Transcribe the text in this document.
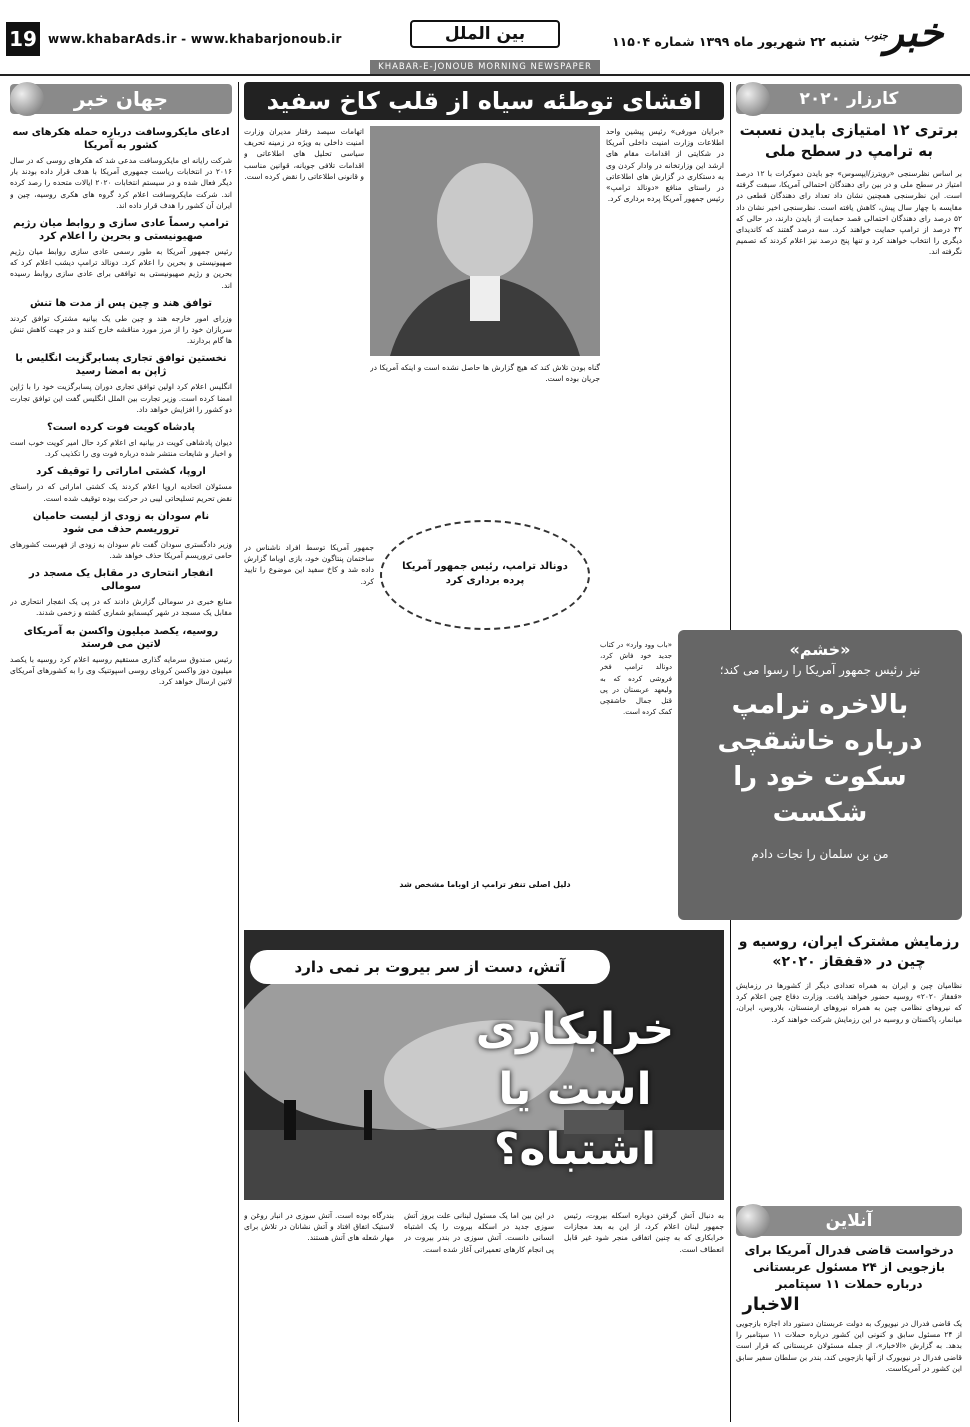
19 www.khabarAds.ir - www.khabarjonoub.ir	بین الملل	شنبه ۲۲ شهریور ماه ۱۳۹۹ شماره ۱۱۵۰۴ جنوب
خبر
KHABAR-E-JONOUB MORNING NEWSPAPER
جهان خبر
ادعای مایکروسافت درباره حمله هکرهای سه کشور به آمریکا

شرکت رایانه ای مایکروسافت مدعی شد که هکرهای روسی که در سال ۲۰۱۶ در انتخابات ریاست جمهوری آمریکا با هدف قرار داده بودند بار دیگر فعال شده و در سیستم انتخابات ۲۰۲۰ ایالات متحده را رصد کرده اند. شرکت مایکروسافت اعلام کرد گروه های هکری روسیه، چین و ایران آن کشور را هدف قرار داده اند.

ترامپ رسماً عادی سازی و روابط میان رژیم صهیونیستی و بحرین را اعلام کرد

رئیس جمهور آمریکا به طور رسمی عادی سازی روابط میان رژیم صهیونیستی و بحرین را اعلام کرد. دونالد ترامپ دیشب اعلام کرد که بحرین و رژیم صهیونیستی به توافقی برای عادی سازی روابط رسیده اند.

توافق هند و چین پس از مدت ها تنش

وزرای امور خارجه هند و چین طی یک بیانیه مشترک توافق کردند سربازان خود را از مرز مورد مناقشه خارج کنند و در جهت کاهش تنش ها گام بردارند.

نخستین توافق تجاری پسابرگزیت انگلیس با ژاپن به امضا رسید

انگلیس اعلام کرد اولین توافق تجاری دوران پسابرگزیت خود را با ژاپن امضا کرده است. وزیر تجارت بین الملل انگلیس گفت این توافق تجارت دو کشور را افزایش خواهد داد.

پادشاه کویت فوت کرده است؟

دیوان پادشاهی کویت در بیانیه ای اعلام کرد حال امیر کویت خوب است و اخبار و شایعات منتشر شده درباره فوت وی را تکذیب کرد.

اروپا، کشتی اماراتی را توقیف کرد

مسئولان اتحادیه اروپا اعلام کردند یک کشتی اماراتی که در راستای نقض تحریم تسلیحاتی لیبی در حرکت بوده توقیف شده است.

نام سودان به زودی از لیست حامیان تروریسم حذف می شود

وزیر دادگستری سودان گفت نام سودان به زودی از فهرست کشورهای حامی تروریسم آمریکا حذف خواهد شد.

انفجار انتحاری در مقابل یک مسجد در سومالی

منابع خبری در سومالی گزارش دادند که در پی یک انفجار انتحاری در مقابل یک مسجد در شهر کیسمایو شماری کشته و زخمی شدند.

روسیه، یکصد میلیون واکسن به آمریکای لاتین می فرستد

رئیس صندوق سرمایه گذاری مستقیم روسیه اعلام کرد روسیه با یکصد میلیون دوز واکسن کرونای روسی اسپوتنیک وی را به کشورهای آمریکای لاتین ارسال خواهد کرد.

افشای توطئه سیاه از قلب کاخ سفید

اتهامات سیصد رفتار مدیران وزارت امنیت داخلی به ویژه در زمینه تحریف سیاسی تحلیل های اطلاعاتی و اقدامات تلافی جویانه، قوانین مناسب و قانونی اطلاعاتی را نقض کرده است.

«برایان مورفی» رئیس پیشین واحد اطلاعات وزارت امنیت داخلی آمریکا در شکایتی از اقدامات مقام های ارشد این وزارتخانه در وادار کردن وی به دستکاری در گزارش های اطلاعاتی در راستای منافع «دونالد ترامپ» رئیس جمهور آمریکا پرده برداری کرد.

گناه بودن تلاش کند که هیچ گزارش ها حاصل نشده است و اینکه آمریکا در جریان بوده است.

دونالد ترامپ، رئیس جمهور آمریکا پرده برداری کرد

جمهور آمریکا توسط افراد ناشناس در ساختمان پنتاگون خود، بازی اوباما گزارش داده شد و کاخ سفید این موضوع را تایید کرد.

دلیل اصلی تنفر ترامپ از اوباما مشخص شد
کارزار ۲۰۲۰
برتری ۱۲ امتیازی بایدن نسبت به ترامپ در سطح ملی

بر اساس نظرسنجی «رویترز/ایپسوس» جو بایدن دموکرات با ۱۲ درصد امتیاز در سطح ملی و در بین رای دهندگان احتمالی آمریکا، سبقت گرفته است. این نظرسنجی همچنین نشان داد تعداد رای دهندگان قطعی در مقایسه با چهار سال پیش، کاهش یافته است. نظرسنجی اخیر نشان داد ۵۲ درصد رای دهندگان احتمالی قصد حمایت از بایدن دارند، در حالی که ۴۲ درصد از ترامپ حمایت خواهند کرد. سه درصد گفتند که کاندیدای دیگری را انتخاب خواهند کرد و تنها پنج درصد نیز اعلام کردند که تصمیم نگرفته اند.

«خشم»
نیز رئیس جمهور آمریکا را رسوا می کند؛
بالاخره ترامپ درباره خاشقچی سکوت خود را شکست
من بن سلمان را نجات دادم

«باب وود وارد» در کتاب جدید خود فاش کرد، دونالد ترامپ فخر فروشی کرده که به ولیعهد عربستان در پی قتل جمال خاشقچی کمک کرده است.

رزمایش مشترک ایران، روسیه و چین در «قفقاز ۲۰۲۰»

نظامیان چین و ایران به همراه تعدادی دیگر از کشورها در رزمایش «قفقاز ۲۰۲۰» روسیه حضور خواهند یافت. وزارت دفاع چین اعلام کرد که نیروهای نظامی چین به همراه نیروهای ارمنستان، بلاروس، ایران، میانمار، پاکستان و روسیه در این رزمایش شرکت خواهند کرد.

آتش، دست از سر بیروت بر نمی دارد
خرابکاری است یا اشتباه؟

بندرگاه بوده است. آتش سوزی در انبار روغن و لاستیک اتفاق افتاد و آتش نشانان در تلاش برای مهار شعله های آتش هستند.

در این بین اما یک مسئول لبنانی علت بروز آتش سوزی جدید در اسکله بیروت را یک اشتباه انسانی دانست. آتش سوزی در بندر بیروت در پی انجام کارهای تعمیراتی آغاز شده است.

به دنبال آتش گرفتن دوباره اسکله بیروت، رئیس جمهور لبنان اعلام کرد، از این به بعد مجازات خرابکاری که به چنین اتفاقی منجر شود غیر قابل انعطاف است.

آنلاین
درخواست قاضی فدرال آمریکا برای بازجویی از ۲۴ مسئول عربستانی درباره حملات ۱۱ سپتامبر
الاخبار

یک قاضی فدرال در نیویورک به دولت عربستان دستور داد اجازه بازجویی از ۲۴ مسئول سابق و کنونی این کشور درباره حملات ۱۱ سپتامبر را بدهد. به گزارش «الاخبار»، از جمله مسئولان عربستانی که قرار است قاضی فدرال در نیویورک از آنها بازجویی کند، بندر بن سلطان سفیر سابق این کشور در آمریکاست.
